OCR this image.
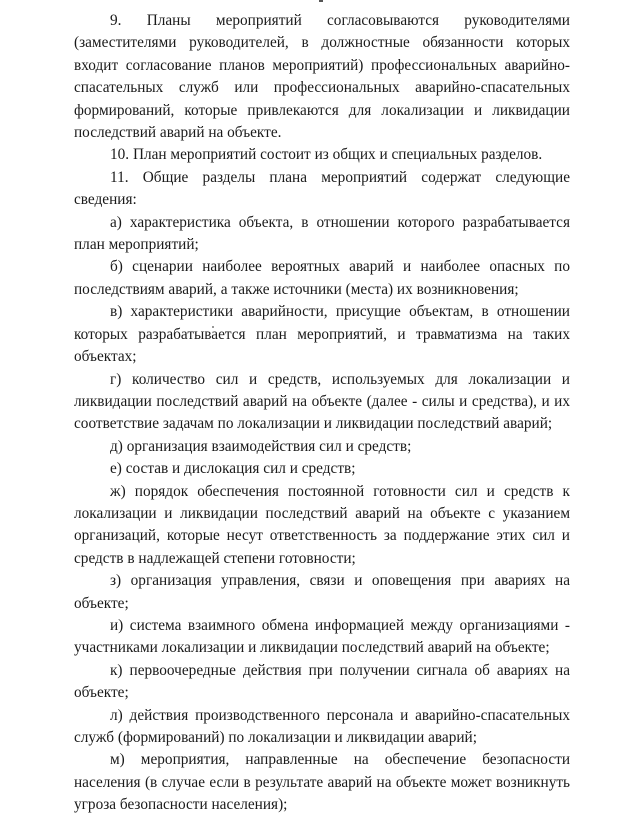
9. Планы мероприятий согласовываются руководителями (заместителями руководителей, в должностные обязанности которых входит согласование планов мероприятий) профессиональных аварийно-спасательных служб или профессиональных аварийно-спасательных формирований, которые привлекаются для локализации и ликвидации последствий аварий на объекте.

10. План мероприятий состоит из общих и специальных разделов.

11. Общие разделы плана мероприятий содержат следующие сведения:

а) характеристика объекта, в отношении которого разрабатывается план мероприятий;

б) сценарии наиболее вероятных аварий и наиболее опасных по последствиям аварий, а также источники (места) их возникновения;

в) характеристики аварийности, присущие объектам, в отношении которых разрабатывается план мероприятий, и травматизма на таких объектах;

г) количество сил и средств, используемых для локализации и ликвидации последствий аварий на объекте (далее - силы и средства), и их соответствие задачам по локализации и ликвидации последствий аварий;

д) организация взаимодействия сил и средств;

е) состав и дислокация сил и средств;

ж) порядок обеспечения постоянной готовности сил и средств к локализации и ликвидации последствий аварий на объекте с указанием организаций, которые несут ответственность за поддержание этих сил и средств в надлежащей степени готовности;

з) организация управления, связи и оповещения при авариях на объекте;

и) система взаимного обмена информацией между организациями - участниками локализации и ликвидации последствий аварий на объекте;

к) первоочередные действия при получении сигнала об авариях на объекте;

л) действия производственного персонала и аварийно-спасательных служб (формирований) по локализации и ликвидации аварий;

м) мероприятия, направленные на обеспечение безопасности населения (в случае если в результате аварий на объекте может возникнуть угроза безопасности населения);
